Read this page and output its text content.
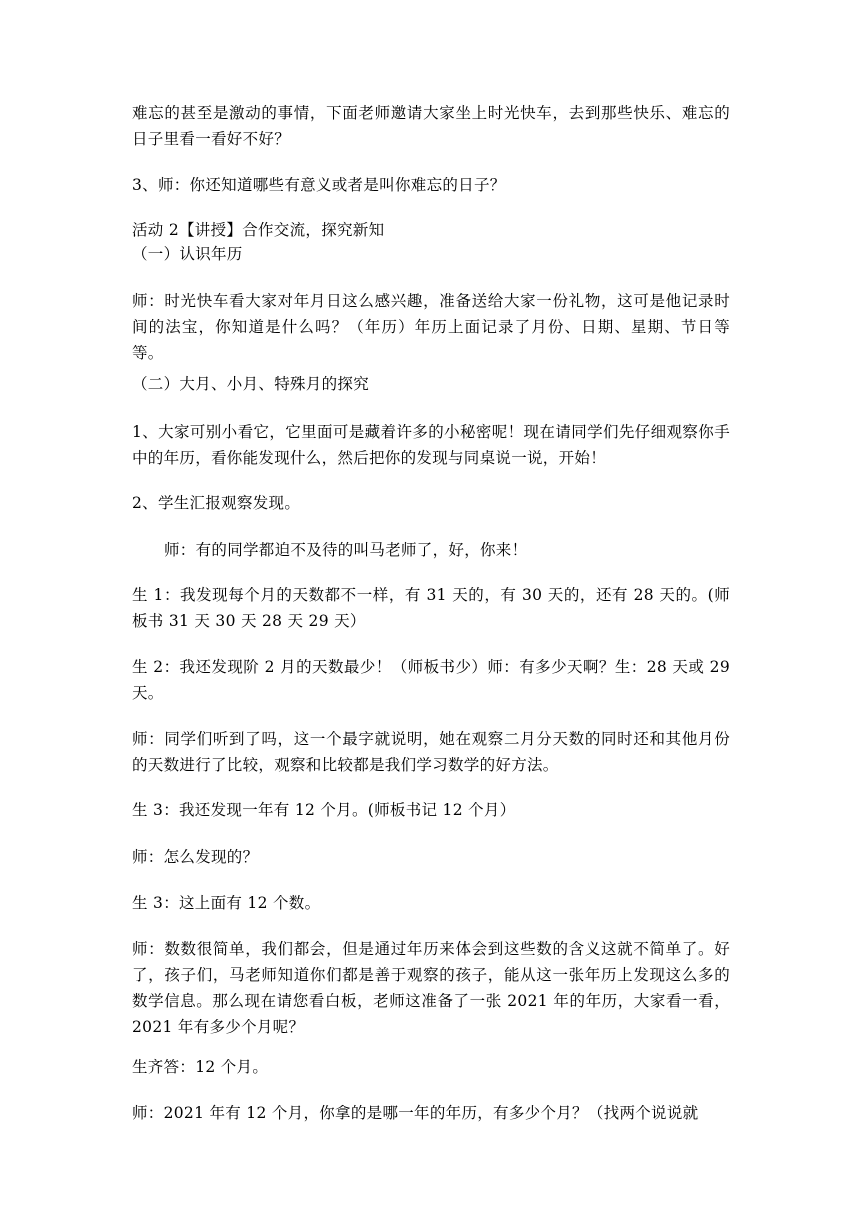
难忘的甚至是激动的事情，下面老师邀请大家坐上时光快车，去到那些快乐、难忘的日子里看一看好不好？

3、师：你还知道哪些有意义或者是叫你难忘的日子？

活动 2【讲授】合作交流，探究新知

（一）认识年历

师：时光快车看大家对年月日这么感兴趣，准备送给大家一份礼物，这可是他记录时间的法宝，你知道是什么吗？（年历）年历上面记录了月份、日期、星期、节日等等。

（二）大月、小月、特殊月的探究

1、大家可别小看它，它里面可是藏着许多的小秘密呢！现在请同学们先仔细观察你手中的年历，看你能发现什么，然后把你的发现与同桌说一说，开始！

2、学生汇报观察发现。

师：有的同学都迫不及待的叫马老师了，好，你来！

生 1：我发现每个月的天数都不一样，有 31 天的，有 30 天的，还有 28 天的。(师板书 31 天 30 天 28 天 29 天）

生 2：我还发现阶 2 月的天数最少！（师板书少）师：有多少天啊？生：28 天或 29 天。

师：同学们听到了吗，这一个最字就说明，她在观察二月分天数的同时还和其他月份的天数进行了比较，观察和比较都是我们学习数学的好方法。

生 3：我还发现一年有 12 个月。(师板书记 12 个月）

师：怎么发现的？

生 3：这上面有 12 个数。

师：数数很简单，我们都会，但是通过年历来体会到这些数的含义这就不简单了。好了，孩子们，马老师知道你们都是善于观察的孩子，能从这一张年历上发现这么多的数学信息。那么现在请您看白板，老师这准备了一张 2021 年的年历，大家看一看，2021 年有多少个月呢？

生齐答：12 个月。

师：2021 年有 12 个月，你拿的是哪一年的年历，有多少个月？（找两个说说就
